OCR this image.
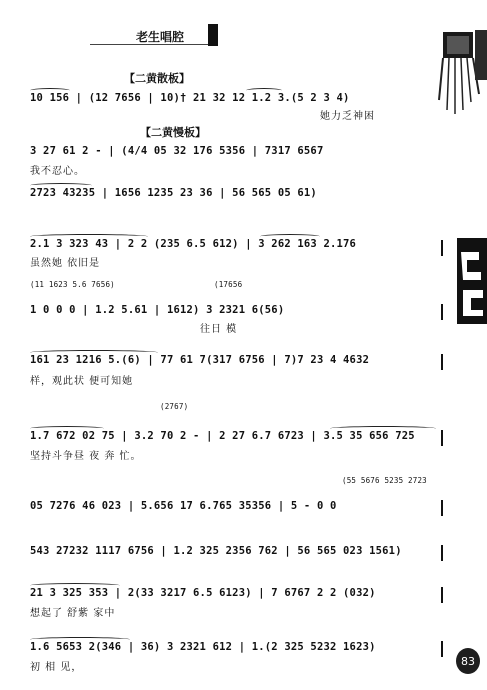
老生唱腔
【二黄散板】
【二黄慢板】
10 156 | (12 7656 | 10)† 21 32 12 1.2 3.(5 2 3 4)
她力乏神困
3 27 61 2 - | (4/4 05 32 176 5356 | 7317 6567
我不忍心。
2723 43235 | 1656 1235 23 36 | 56 565 05 61)
2.1 3 323 43 | 2 2 (235 6.5 612) | 3 262 163 2.176
虽然她 依旧是
(11 1623 5.6 7656)	(17656
1 0 0 0 | 1.2 5.61 | 1612) 3 2321 6(56)
往日 模
161 23 1216 5.(6) | 77 61 7(317 6756 | 7)7 23 4 4632
样，观此状 便可知她
(2767)
1.7 672 02 75 | 3.2 70 2 - | 2 27 6.7 6723 | 3.5 35 656 725
坚持斗争昼 夜 奔 忙。
(55 5676 5235 2723
05 7276 46 023 | 5.656 17 6.765 35356 | 5 - 0 0
543 27232 1117 6756 | 1.2 325 2356 762 | 56 565 023 1561)
21 3 325 353 | 2(33 3217 6.5 6123) | 7 6767 2 2 (032)
想起了 舒紫 家中
1.6 5653 2(346 | 36) 3 2321 612 | 1.(2 325 5232 1623)
初 相 见，	83
